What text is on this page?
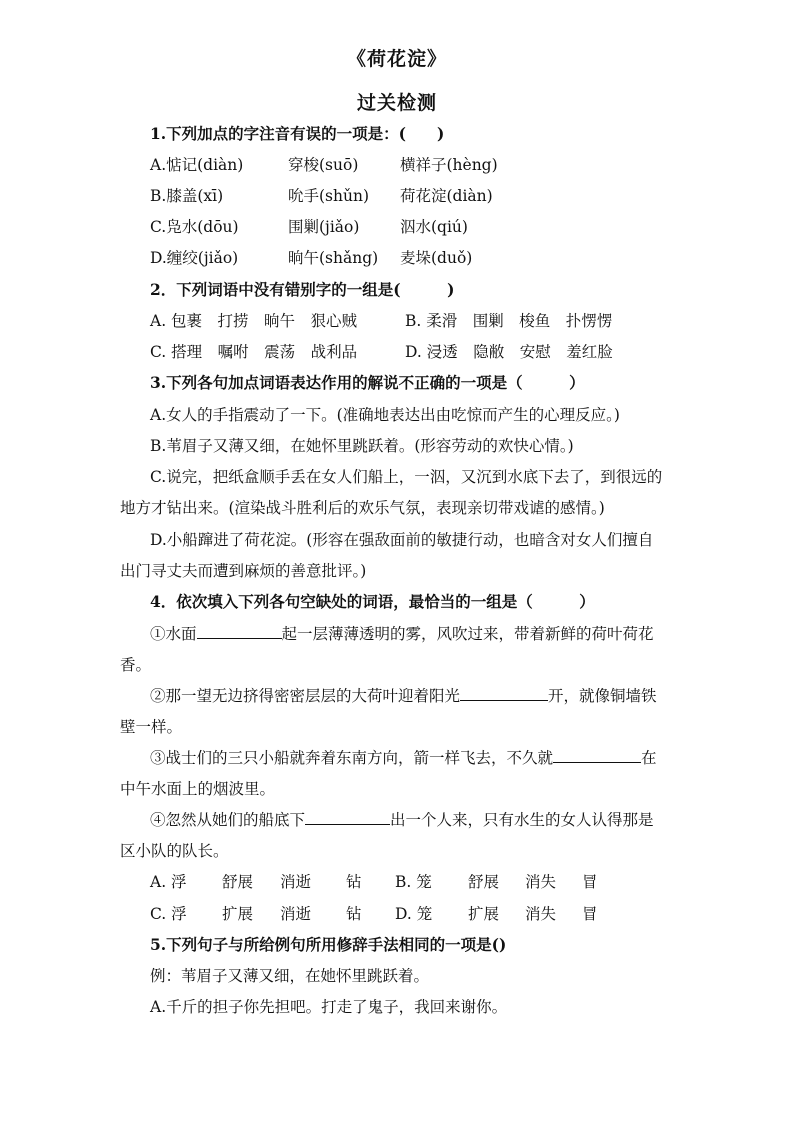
《荷花淀》
过关检测
1.下列加点的字注音有误的一项是：(　　)
A.惦记(diàn)	穿梭(suō)	横祥子(hèng)
B.膝盖(xī)	吮手(shǔn) 荷花淀(diàn)
C.凫水(dōu)	围剿(jiǎo)	泅水(qiú)
D.缠绞(jiǎo)	晌午(shǎng) 麦垛(duǒ)
2．下列词语中没有错别字的一组是(　　　)
A. 包裹　打捞　晌午　狠心贼	B. 柔滑　围剿　梭鱼　扑愣愣
C. 搭理　嘱咐　震荡　战利品	D. 浸透　隐敝　安慰　羞红脸
3.下列各句加点词语表达作用的解说不正确的一项是（　　　）
A.女人的手指震动了一下。(准确地表达出由吃惊而产生的心理反应。)
B.苇眉子又薄又细，在她怀里跳跃着。(形容劳动的欢快心情。)
C.说完，把纸盒顺手丢在女人们船上，一泅，又沉到水底下去了，到很远的
地方才钻出来。(渲染战斗胜利后的欢乐气氛，表现亲切带戏谑的感情。)
D.小船蹿进了荷花淀。(形容在强敌面前的敏捷行动，也暗含对女人们擅自
出门寻丈夫而遭到麻烦的善意批评。)
4．依次填入下列各句空缺处的词语，最恰当的一组是（　　　）
①水面	起一层薄薄透明的雾，风吹过来，带着新鲜的荷叶荷花
香。
②那一望无边挤得密密层层的大荷叶迎着阳光	开，就像铜墙铁
壁一样。
③战士们的三只小船就奔着东南方向，箭一样飞去，不久就	在
中午水面上的烟波里。
④忽然从她们的船底下	出一个人来，只有水生的女人认得那是
区小队的队长。
A. 浮 舒展 消逝 钻 B. 笼 舒展 消失 冒
C. 浮 扩展 消逝 钻 D. 笼 扩展 消失 冒
5.下列句子与所给例句所用修辞手法相同的一项是()
例：苇眉子又薄又细，在她怀里跳跃着。
A.千斤的担子你先担吧。打走了鬼子，我回来谢你。
